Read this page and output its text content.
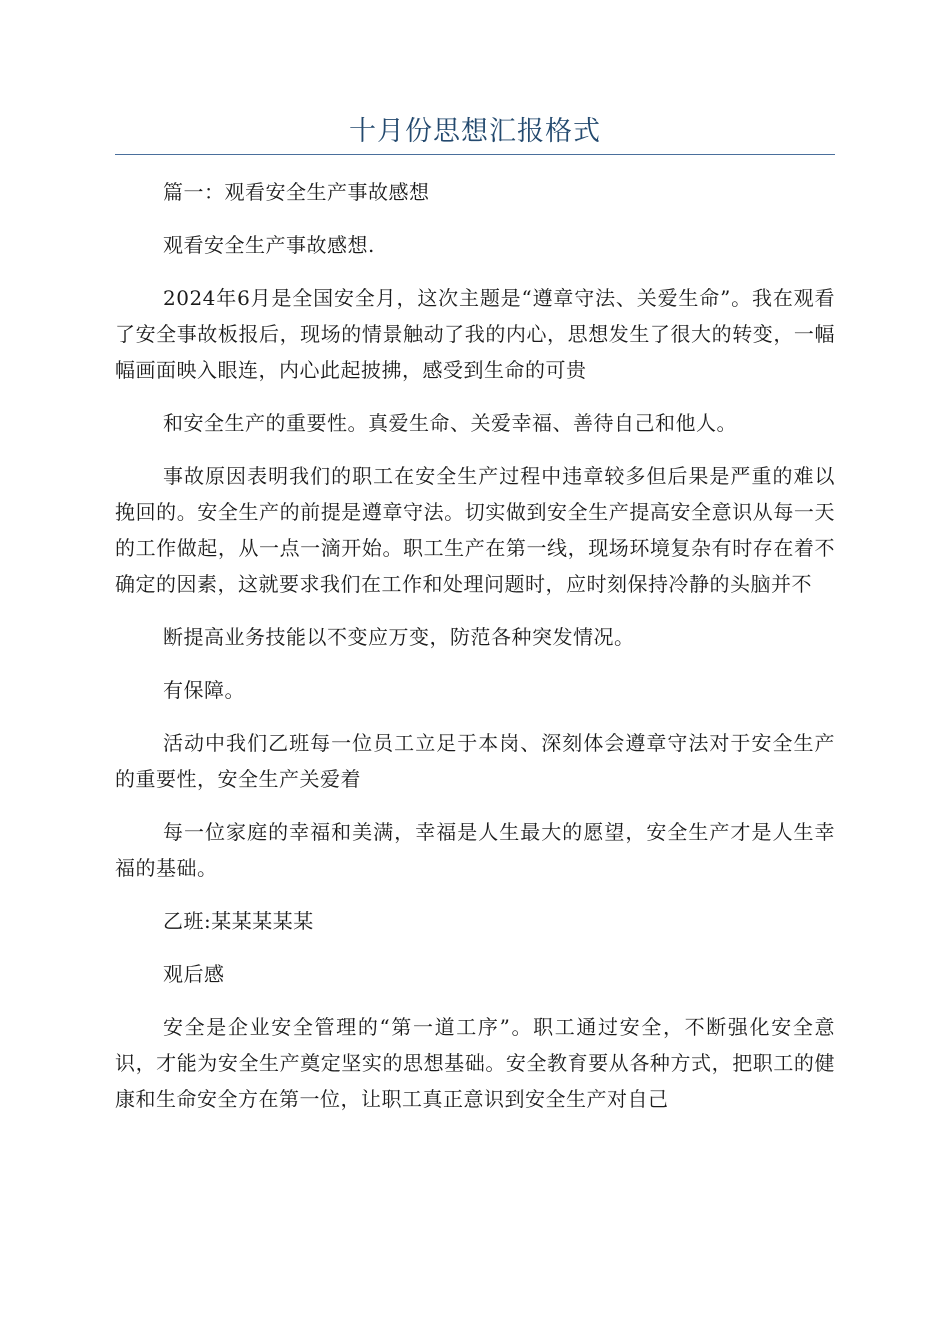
十月份思想汇报格式

篇一：观看安全生产事故感想

观看安全生产事故感想.

2024年6月是全国安全月，这次主题是“遵章守法、关爱生命”。我在观看了安全事故板报后，现场的情景触动了我的内心，思想发生了很大的转变，一幅幅画面映入眼连，内心此起披拂，感受到生命的可贵

和安全生产的重要性。真爱生命、关爱幸福、善待自己和他人。

事故原因表明我们的职工在安全生产过程中违章较多但后果是严重的难以挽回的。安全生产的前提是遵章守法。切实做到安全生产提高安全意识从每一天的工作做起，从一点一滴开始。职工生产在第一线，现场环境复杂有时存在着不确定的因素，这就要求我们在工作和处理问题时，应时刻保持冷静的头脑并不

断提高业务技能以不变应万变，防范各种突发情况。

有保障。

活动中我们乙班每一位员工立足于本岗、深刻体会遵章守法对于安全生产的重要性，安全生产关爱着

每一位家庭的幸福和美满，幸福是人生最大的愿望，安全生产才是人生幸福的基础。

乙班:某某某某某

观后感

安全是企业安全管理的“第一道工序”。职工通过安全，不断强化安全意识，才能为安全生产奠定坚实的思想基础。安全教育要从各种方式，把职工的健康和生命安全方在第一位，让职工真正意识到安全生产对自己
